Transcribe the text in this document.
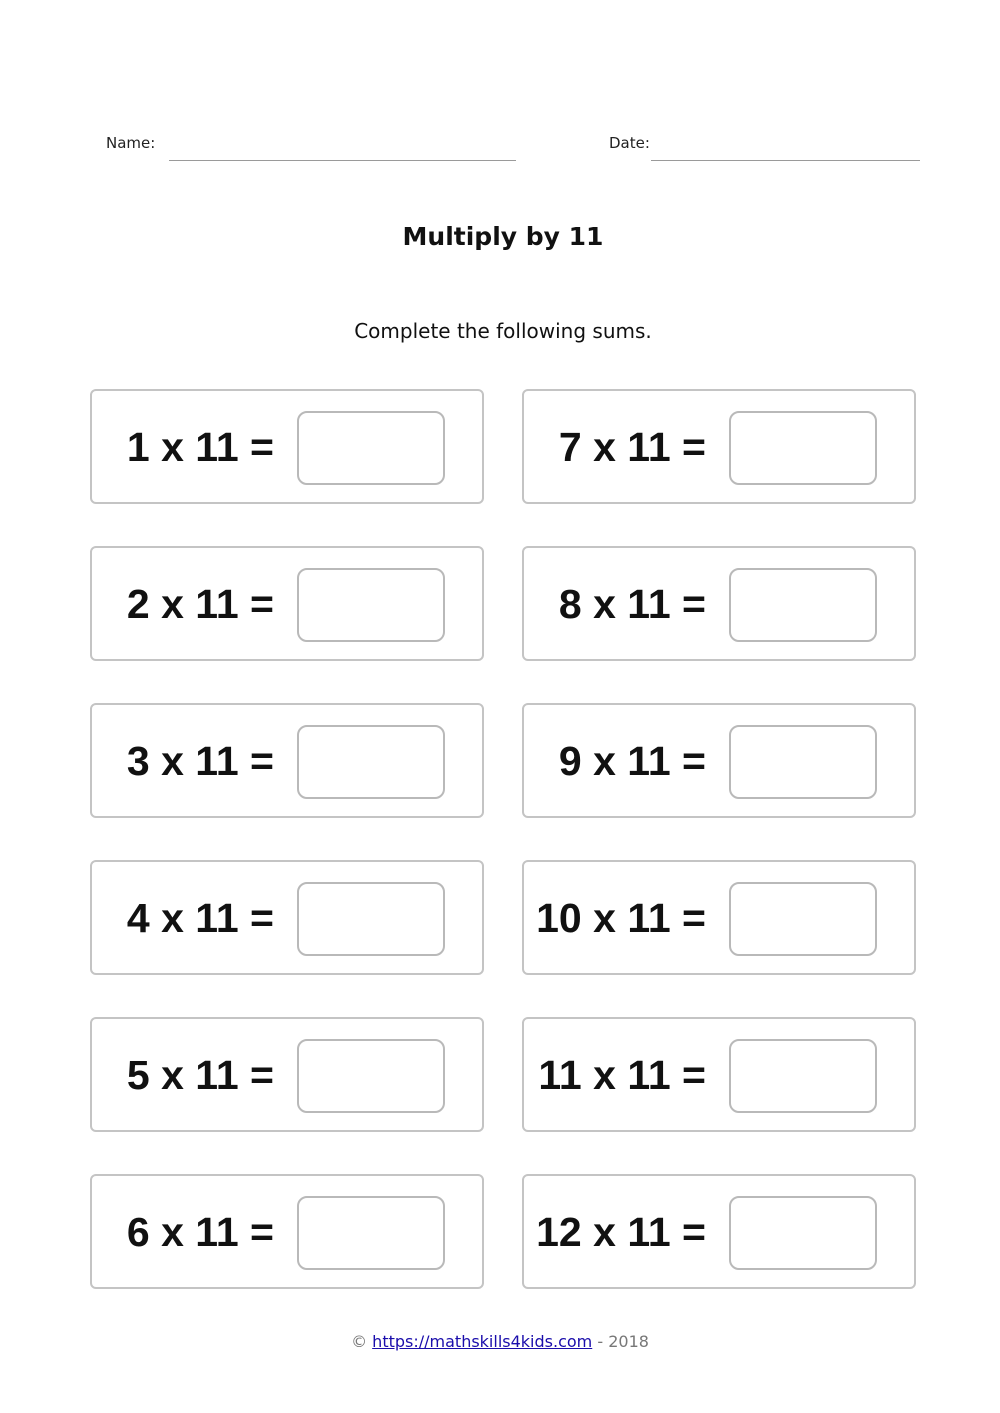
Name:	Date:
Multiply by 11
Complete the following sums.
1 x 11 =
2 x 11 =
3 x 11 =
4 x 11 =
5 x 11 =
6 x 11 =
7 x 11 =
8 x 11 =
9 x 11 =
10 x 11 =
11 x 11 =
12 x 11 =
© https://mathskills4kids.com - 2018
